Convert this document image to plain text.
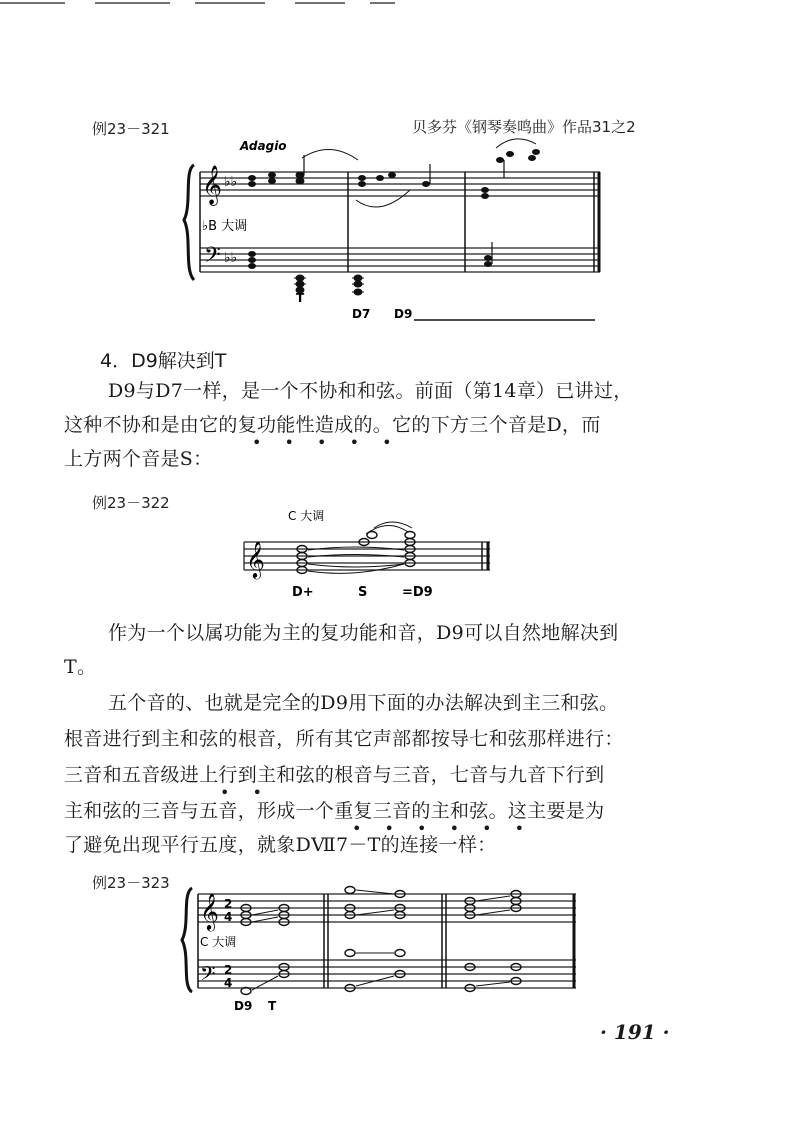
例23－321	贝多芬《钢琴奏鸣曲》作品31之2
Adagio
𝄞
𝄢
♭♭
♭♭
♭B 大调
T
D7 D9
4．D9解决到T
D9与D7一样，是一个不协和和弦。前面（第14章）已讲过，
这种不协和是由它的复功能性造成的。它的下方三个音是D，而
• • • • •
上方两个音是S：
例23－322
C 大调
𝄞
D+	S	=D9
作为一个以属功能为主的复功能和音，D9可以自然地解决到
T。
五个音的、也就是完全的D9用下面的办法解决到主三和弦。
根音进行到主和弦的根音，所有其它声部都按导七和弦那样进行：
三音和五音级进上行到主和弦的根音与三音，七音与九音下行到
• •
主和弦的三音与五音，形成一个重复三音的主和弦。这主要是为
• • • • • •
了避免出现平行五度，就象DⅦ7－T的连接一样：
例23－323
𝄞
𝄢
2
4
2
4
C 大调
D9 T
· 191 ·
